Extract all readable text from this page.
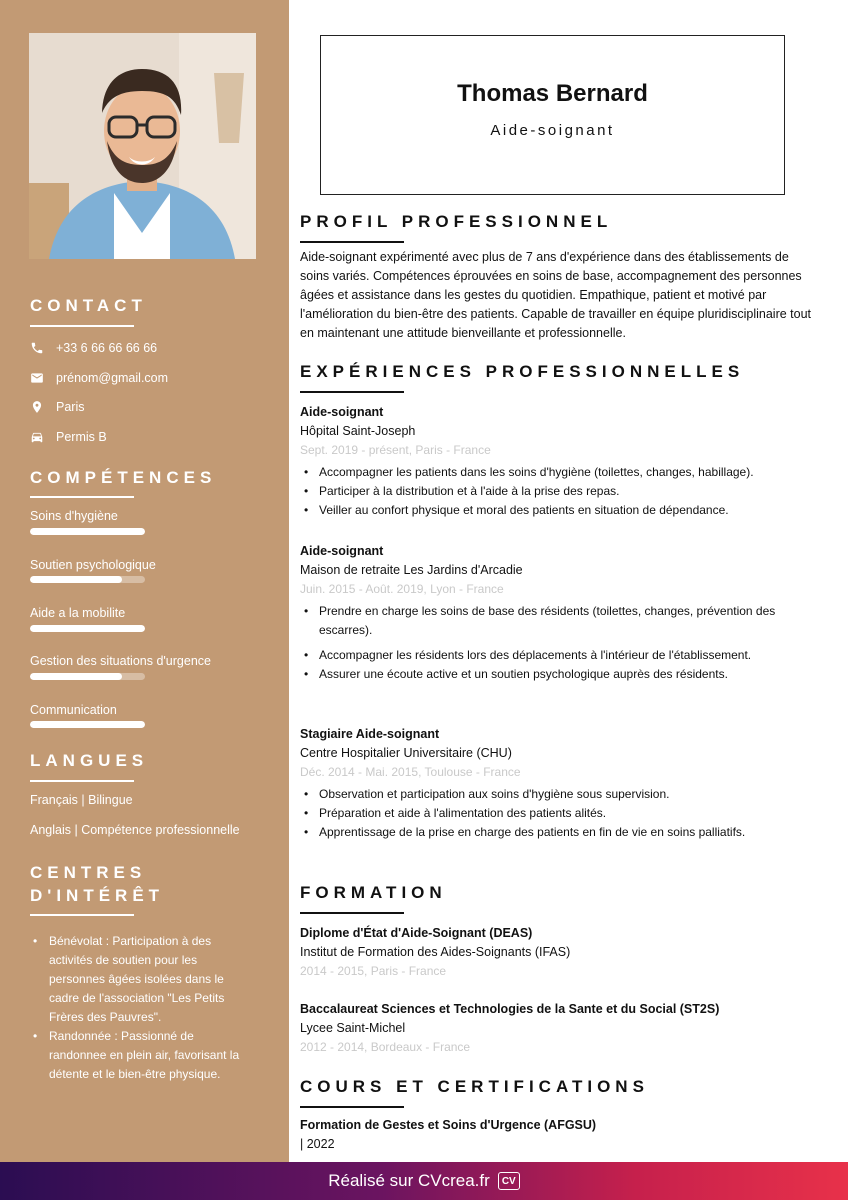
CONTACT
+33 6 66 66 66 66
prénom@gmail.com
Paris
Permis B
COMPÉTENCES
Soins d'hygiène
Soutien psychologique
Aide a la mobilite
Gestion des situations d'urgence
Communication
LANGUES
Français | Bilingue
Anglais | Compétence professionnelle
CENTRES
D'INTÉRÊT
• Bénévolat : Participation à des activités de soutien pour les personnes âgées isolées dans le cadre de l'association "Les Petits Frères des Pauvres".
• Randonnée : Passionné de randonnee en plein air, favorisant la détente et le bien-être physique.
Thomas Bernard
Aide-soignant
PROFIL PROFESSIONNEL
Aide-soignant expérimenté avec plus de 7 ans d'expérience dans des établissements de soins variés. Compétences éprouvées en soins de base, accompagnement des personnes âgées et assistance dans les gestes du quotidien. Empathique, patient et motivé par l'amélioration du bien-être des patients. Capable de travailler en équipe pluridisciplinaire tout en maintenant une attitude bienveillante et professionnelle.
EXPÉRIENCES PROFESSIONNELLES
Aide-soignant
Hôpital Saint-Joseph
Sept. 2019 - présent, Paris - France
• Accompagner les patients dans les soins d'hygiène (toilettes, changes, habillage).
• Participer à la distribution et à l'aide à la prise des repas.
• Veiller au confort physique et moral des patients en situation de dépendance.
Aide-soignant
Maison de retraite Les Jardins d'Arcadie
Juin. 2015 - Août. 2019, Lyon - France
• Prendre en charge les soins de base des résidents (toilettes, changes, prévention des escarres).
• Accompagner les résidents lors des déplacements à l'intérieur de l'établissement.
• Assurer une écoute active et un soutien psychologique auprès des résidents.
Stagiaire Aide-soignant
Centre Hospitalier Universitaire (CHU)
Déc. 2014 - Mai. 2015, Toulouse - France
• Observation et participation aux soins d'hygiène sous supervision.
• Préparation et aide à l'alimentation des patients alités.
• Apprentissage de la prise en charge des patients en fin de vie en soins palliatifs.
FORMATION
Diplome d'État d'Aide-Soignant (DEAS)
Institut de Formation des Aides-Soignants (IFAS)
2014 - 2015, Paris - France
Baccalaureat Sciences et Technologies de la Sante et du Social (ST2S)
Lycee Saint-Michel
2012 - 2014, Bordeaux - France
COURS ET CERTIFICATIONS
Formation de Gestes et Soins d'Urgence (AFGSU)
| 2022
Réalisé sur CVcrea.fr	CV
